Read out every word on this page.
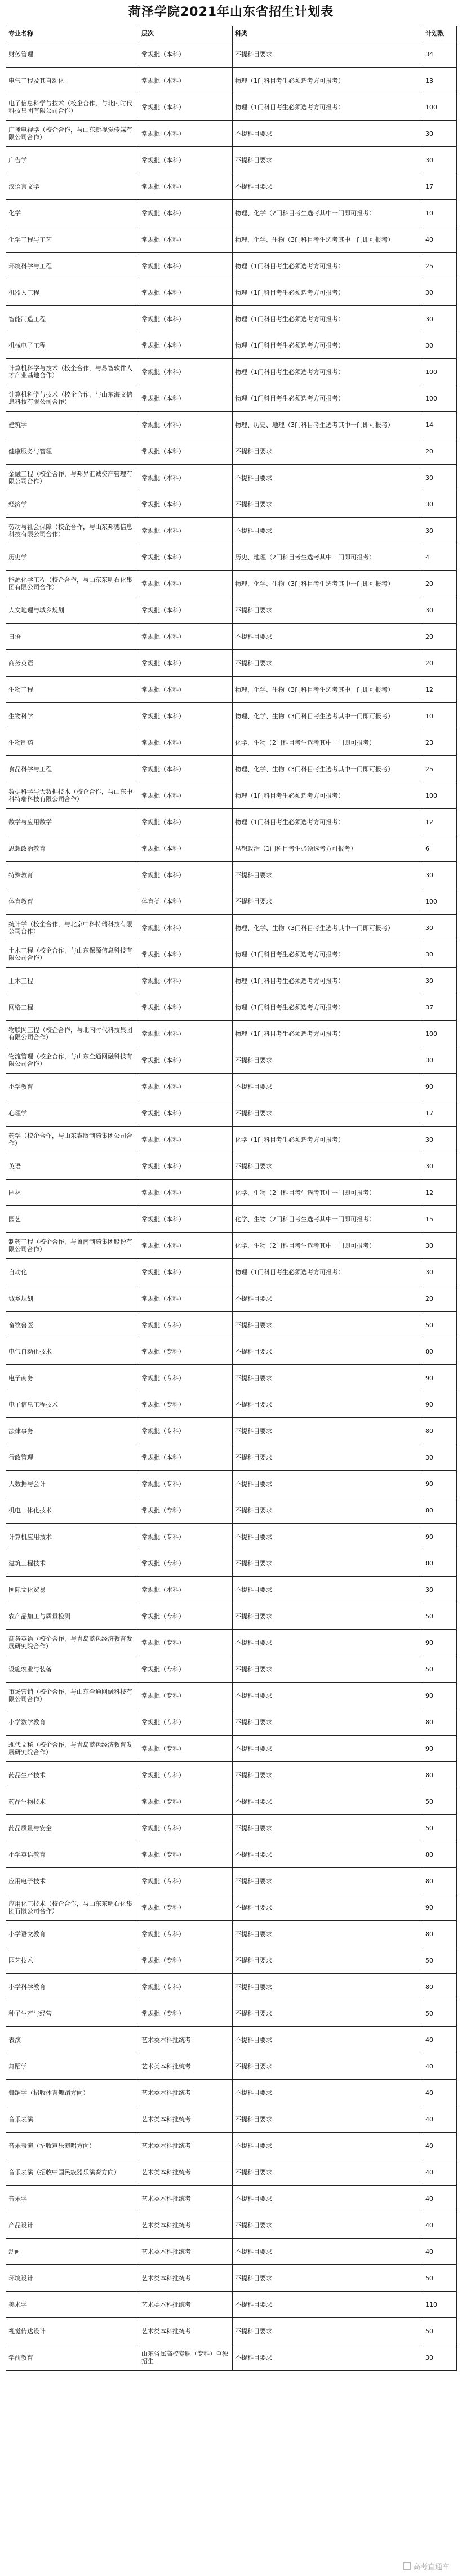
菏泽学院2021年山东省招生计划表
专业名称	层次	科类	计划数
财务管理	常规批（本科）	不提科目要求	34
电气工程及其自动化	常规批（本科）	物理（1门科目考生必须选考方可报考）	13
电子信息科学与技术（校企合作，与北内时代科技集团有限公司合作）	常规批（本科）	物理（1门科目考生必须选考方可报考）	100
广播电视学（校企合作，与山东新视觉传媒有限公司合作）	常规批（本科）	不提科目要求	30
广告学	常规批（本科）	不提科目要求	30
汉语言文学	常规批（本科）	不提科目要求	17
化学	常规批（本科）	物理、化学（2门科目考生选考其中一门即可报考）	10
化学工程与工艺	常规批（本科）	物理、化学、生物（3门科目考生选考其中一门即可报考）	40
环境科学与工程	常规批（本科）	物理（1门科目考生必须选考方可报考）	25
机器人工程	常规批（本科）	物理（1门科目考生必须选考方可报考）	30
智能制造工程	常规批（本科）	物理（1门科目考生必须选考方可报考）	30
机械电子工程	常规批（本科）	物理（1门科目考生必须选考方可报考）	30
计算机科学与技术（校企合作，与易智软件人才产业基地合作）	常规批（本科）	物理（1门科目考生必须选考方可报考）	100
计算机科学与技术（校企合作，与山东海文信息科技有限公司合作）	常规批（本科）	物理（1门科目考生必须选考方可报考）	100
建筑学	常规批（本科）	物理、历史、地理（3门科目考生选考其中一门即可报考）	14
健康服务与管理	常规批（本科）	不提科目要求	20
金融工程（校企合作，与邦昇汇诚资产管理有限公司合作）	常规批（本科）	不提科目要求	30
经济学	常规批（本科）	不提科目要求	30
劳动与社会保障（校企合作，与山东邦德信息科技有限公司合作）	常规批（本科）	不提科目要求	30
历史学	常规批（本科）	历史、地理（2门科目考生选考其中一门即可报考）	4
能源化学工程（校企合作，与山东东明石化集团有限公司合作）	常规批（本科）	物理、化学、生物（3门科目考生选考其中一门即可报考）	20
人文地理与城乡规划	常规批（本科）	不提科目要求	30
日语	常规批（本科）	不提科目要求	20
商务英语	常规批（本科）	不提科目要求	20
生物工程	常规批（本科）	物理、化学、生物（3门科目考生选考其中一门即可报考）	12
生物科学	常规批（本科）	物理、化学、生物（3门科目考生选考其中一门即可报考）	10
生物制药	常规批（本科）	化学、生物（2门科目考生选考其中一门即可报考）	23
食品科学与工程	常规批（本科）	物理、化学、生物（3门科目考生选考其中一门即可报考）	25
数据科学与大数据技术（校企合作，与山东中科特瑞科技有限公司合作）	常规批（本科）	物理（1门科目考生必须选考方可报考）	100
数学与应用数学	常规批（本科）	物理（1门科目考生必须选考方可报考）	12
思想政治教育	常规批（本科）	思想政治（1门科目考生必须选考方可报考）	6
特殊教育	常规批（本科）	不提科目要求	30
体育教育	体育类（本科）	不提科目要求	100
统计学（校企合作，与北京中科特瑞科技有限公司合作）	常规批（本科）	物理、化学、生物（3门科目考生选考其中一门即可报考）	30
土木工程（校企合作，与山东保源信息科技有限公司合作）	常规批（本科）	物理（1门科目考生必须选考方可报考）	30
土木工程	常规批（本科）	物理（1门科目考生必须选考方可报考）	30
网络工程	常规批（本科）	物理（1门科目考生必须选考方可报考）	37
物联网工程（校企合作，与北内时代科技集团有限公司合作）	常规批（本科）	物理（1门科目考生必须选考方可报考）	100
物流管理（校企合作，与山东全通网融科技有限公司合作）	常规批（本科）	不提科目要求	30
小学教育	常规批（本科）	不提科目要求	90
心理学	常规批（本科）	不提科目要求	17
药学（校企合作，与山东睿鹰制药集团公司合作）	常规批（本科）	化学（1门科目考生必须选考方可报考）	30
英语	常规批（本科）	不提科目要求	30
园林	常规批（本科）	化学、生物（2门科目考生选考其中一门即可报考）	12
园艺	常规批（本科）	化学、生物（2门科目考生选考其中一门即可报考）	15
制药工程（校企合作，与鲁南制药集团股份有限公司合作）	常规批（本科）	化学、生物（2门科目考生选考其中一门即可报考）	30
自动化	常规批（本科）	物理（1门科目考生必须选考方可报考）	30
城乡规划	常规批（本科）	不提科目要求	20
畜牧兽医	常规批（专科）	不提科目要求	50
电气自动化技术	常规批（专科）	不提科目要求	80
电子商务	常规批（专科）	不提科目要求	90
电子信息工程技术	常规批（专科）	不提科目要求	90
法律事务	常规批（专科）	不提科目要求	80
行政管理	常规批（本科）	不提科目要求	30
大数据与会计	常规批（专科）	不提科目要求	90
机电一体化技术	常规批（专科）	不提科目要求	80
计算机应用技术	常规批（专科）	不提科目要求	90
建筑工程技术	常规批（专科）	不提科目要求	80
国际文化贸易	常规批（本科）	不提科目要求	30
农产品加工与质量检测	常规批（专科）	不提科目要求	50
商务英语（校企合作，与青岛蓝色经济教育发展研究院合作）	常规批（专科）	不提科目要求	90
设施农业与装备	常规批（专科）	不提科目要求	50
市场营销（校企合作，与山东全通网融科技有限公司合作）	常规批（专科）	不提科目要求	90
小学数学教育	常规批（专科）	不提科目要求	80
现代文秘（校企合作，与青岛蓝色经济教育发展研究院合作）	常规批（专科）	不提科目要求	90
药品生产技术	常规批（专科）	不提科目要求	80
药品生物技术	常规批（专科）	不提科目要求	50
药品质量与安全	常规批（专科）	不提科目要求	50
小学英语教育	常规批（专科）	不提科目要求	80
应用电子技术	常规批（专科）	不提科目要求	80
应用化工技术（校企合作，与山东东明石化集团有限公司合作）	常规批（专科）	不提科目要求	90
小学语文教育	常规批（专科）	不提科目要求	80
园艺技术	常规批（专科）	不提科目要求	50
小学科学教育	常规批（专科）	不提科目要求	80
种子生产与经营	常规批（专科）	不提科目要求	50
表演	艺术类本科批统考	不提科目要求	40
舞蹈学	艺术类本科批统考	不提科目要求	40
舞蹈学（招收体育舞蹈方向）	艺术类本科批统考	不提科目要求	40
音乐表演	艺术类本科批统考	不提科目要求	40
音乐表演（招收声乐演唱方向）	艺术类本科批统考	不提科目要求	40
音乐表演（招收中国民族器乐演奏方向）	艺术类本科批统考	不提科目要求	40
音乐学	艺术类本科批统考	不提科目要求	40
产品设计	艺术类本科批统考	不提科目要求	40
动画	艺术类本科批统考	不提科目要求	40
环境设计	艺术类本科批统考	不提科目要求	50
美术学	艺术类本科批统考	不提科目要求	110
视觉传达设计	艺术类本科批统考	不提科目要求	50
学前教育	山东省属高校专职（专科）单独招生	不提科目要求	30
高考直通车
